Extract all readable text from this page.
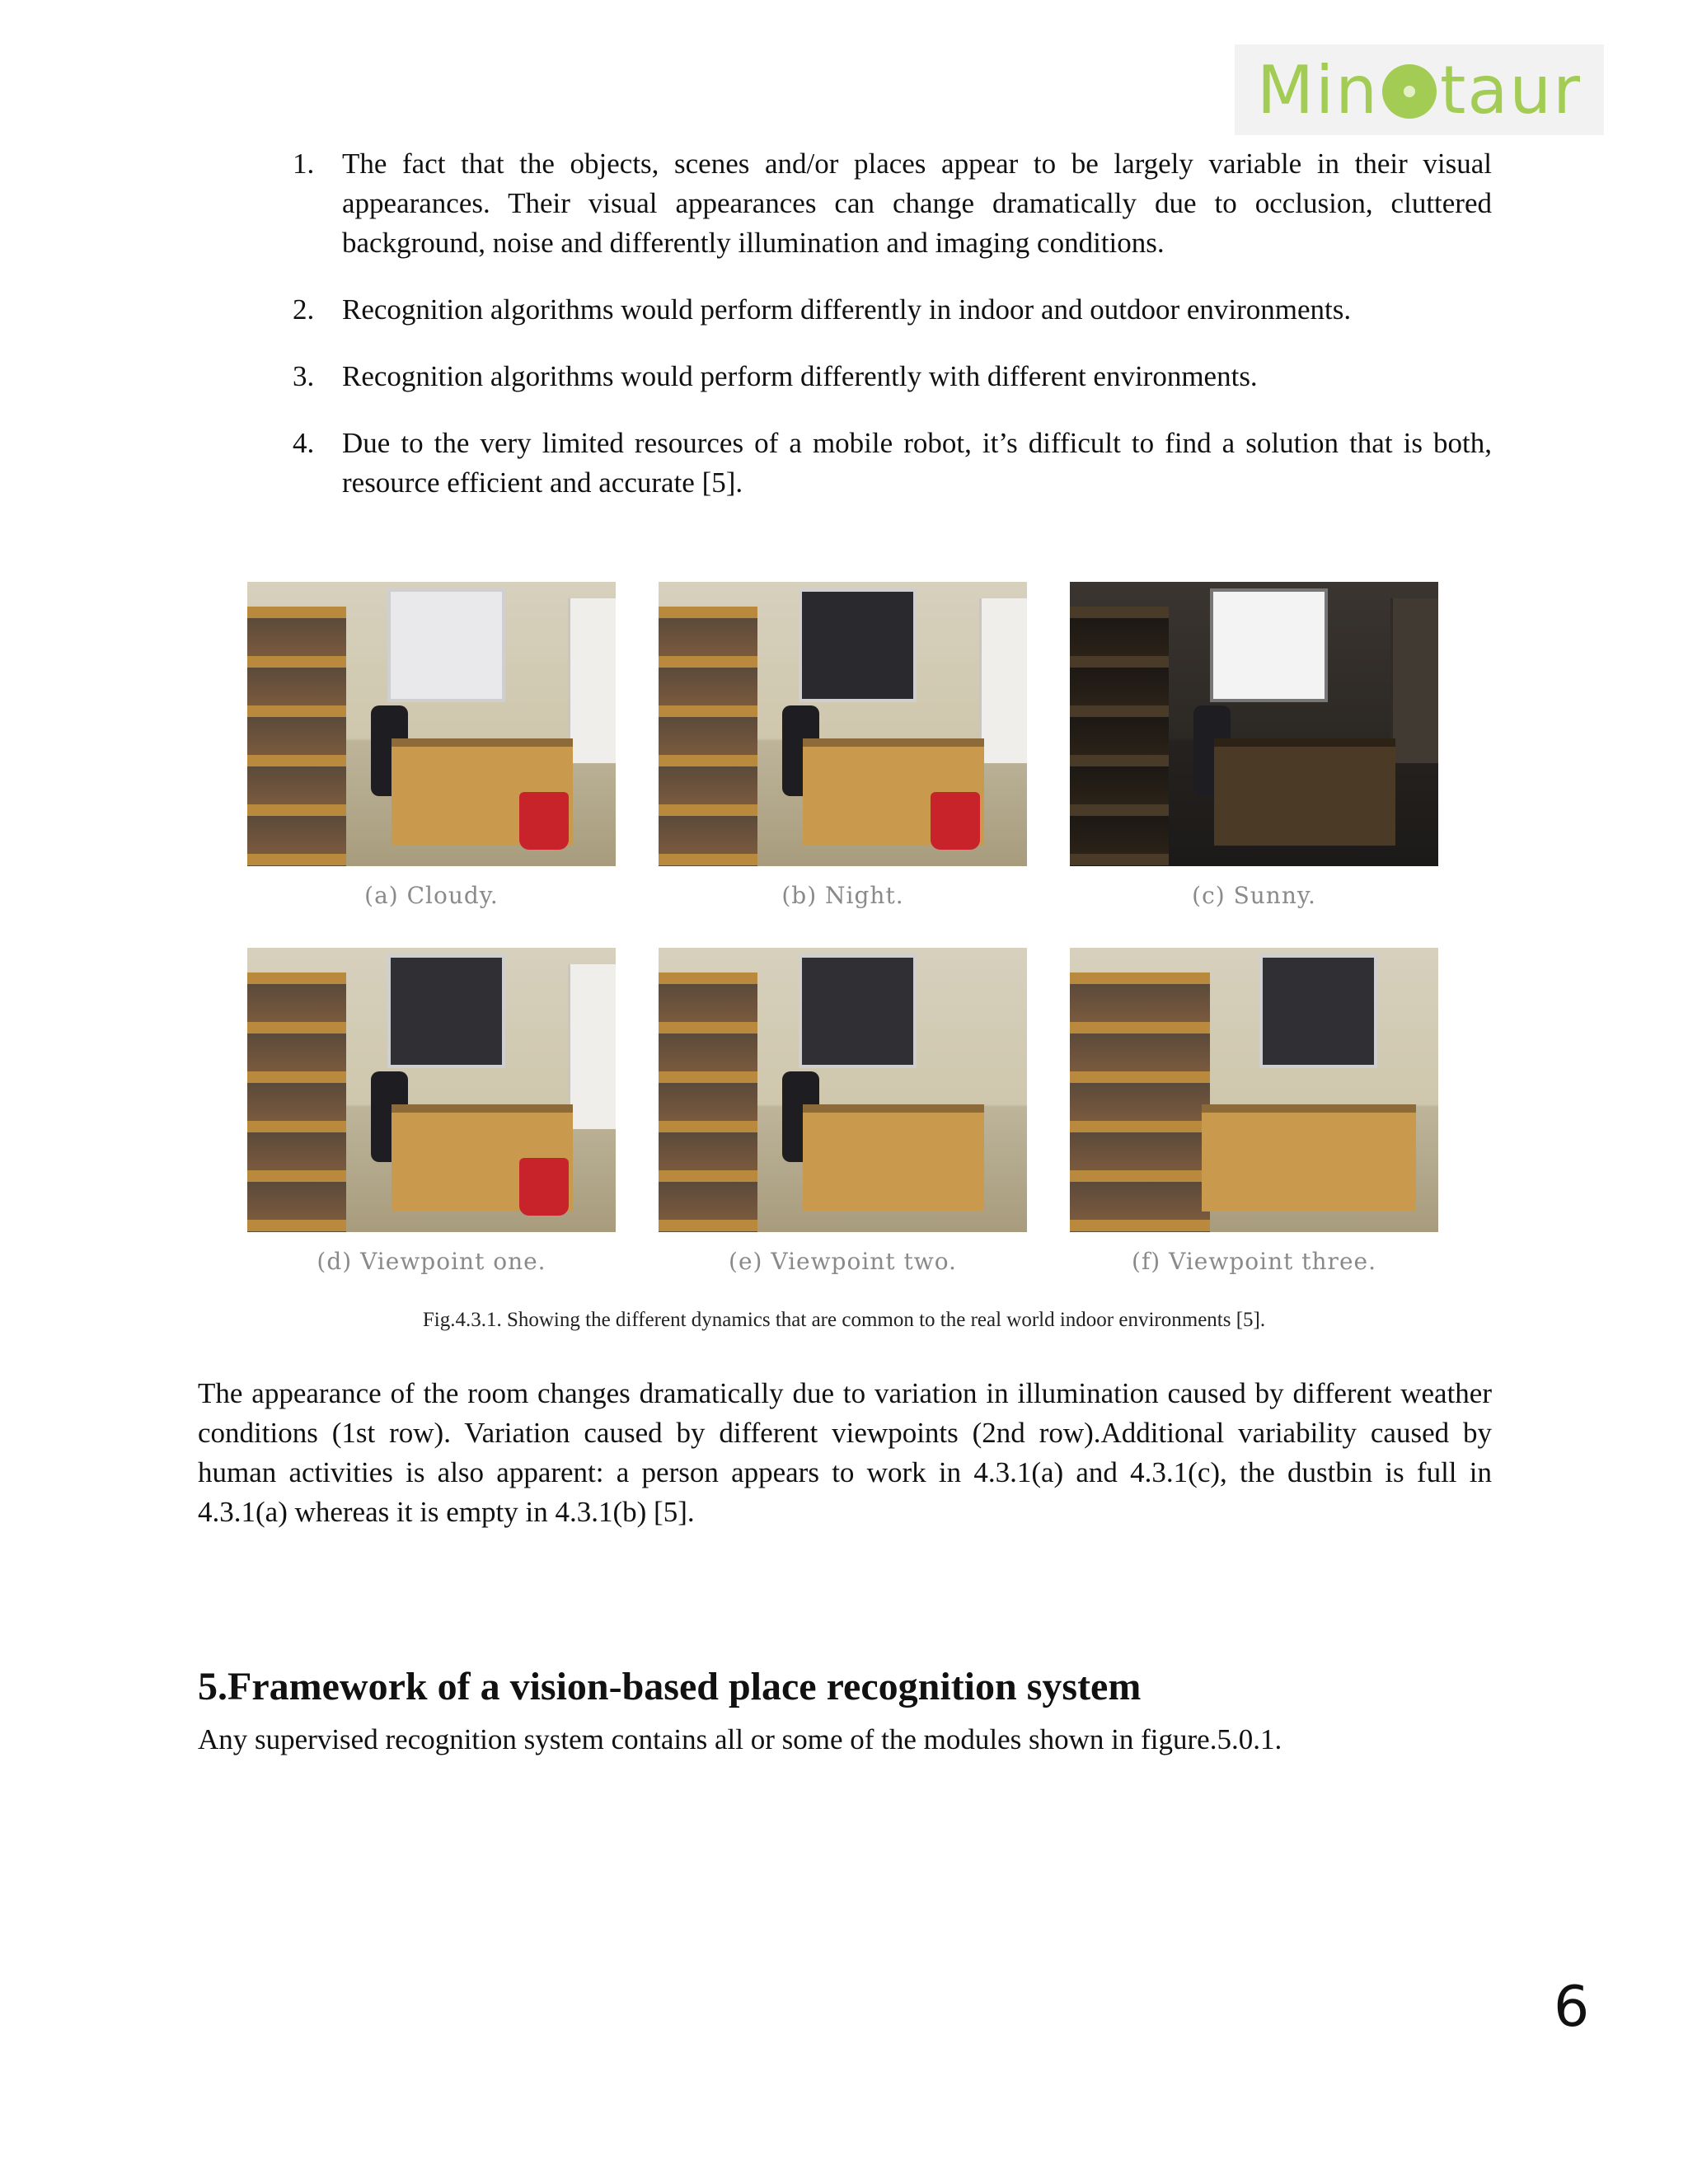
Min taur
1. The fact that the objects, scenes and/or places appear to be largely variable in their visual appearances. Their visual appearances can change dramatically due to occlusion, cluttered background, noise and differently illumination and imaging conditions.
2. Recognition algorithms would perform differently in indoor and outdoor environments.
3. Recognition algorithms would perform differently with different environments.
4. Due to the very limited resources of a mobile robot, it’s difficult to find a solution that is both, resource efficient and accurate [5].
(a) Cloudy.	(b) Night.	(c) Sunny.
(d) Viewpoint one.	(e) Viewpoint two.	(f) Viewpoint three.
Fig.4.3.1. Showing the different dynamics that are common to the real world indoor environments [5].

The appearance of the room changes dramatically due to variation in illumination caused by different weather conditions (1st row). Variation caused by different viewpoints (2nd row).Additional variability caused by human activities is also apparent: a person appears to work in 4.3.1(a) and 4.3.1(c), the dustbin is full in 4.3.1(a) whereas it is empty in 4.3.1(b) [5].

5.Framework of a vision-based place recognition system

Any supervised recognition system contains all or some of the modules shown in figure.5.0.1.

6
